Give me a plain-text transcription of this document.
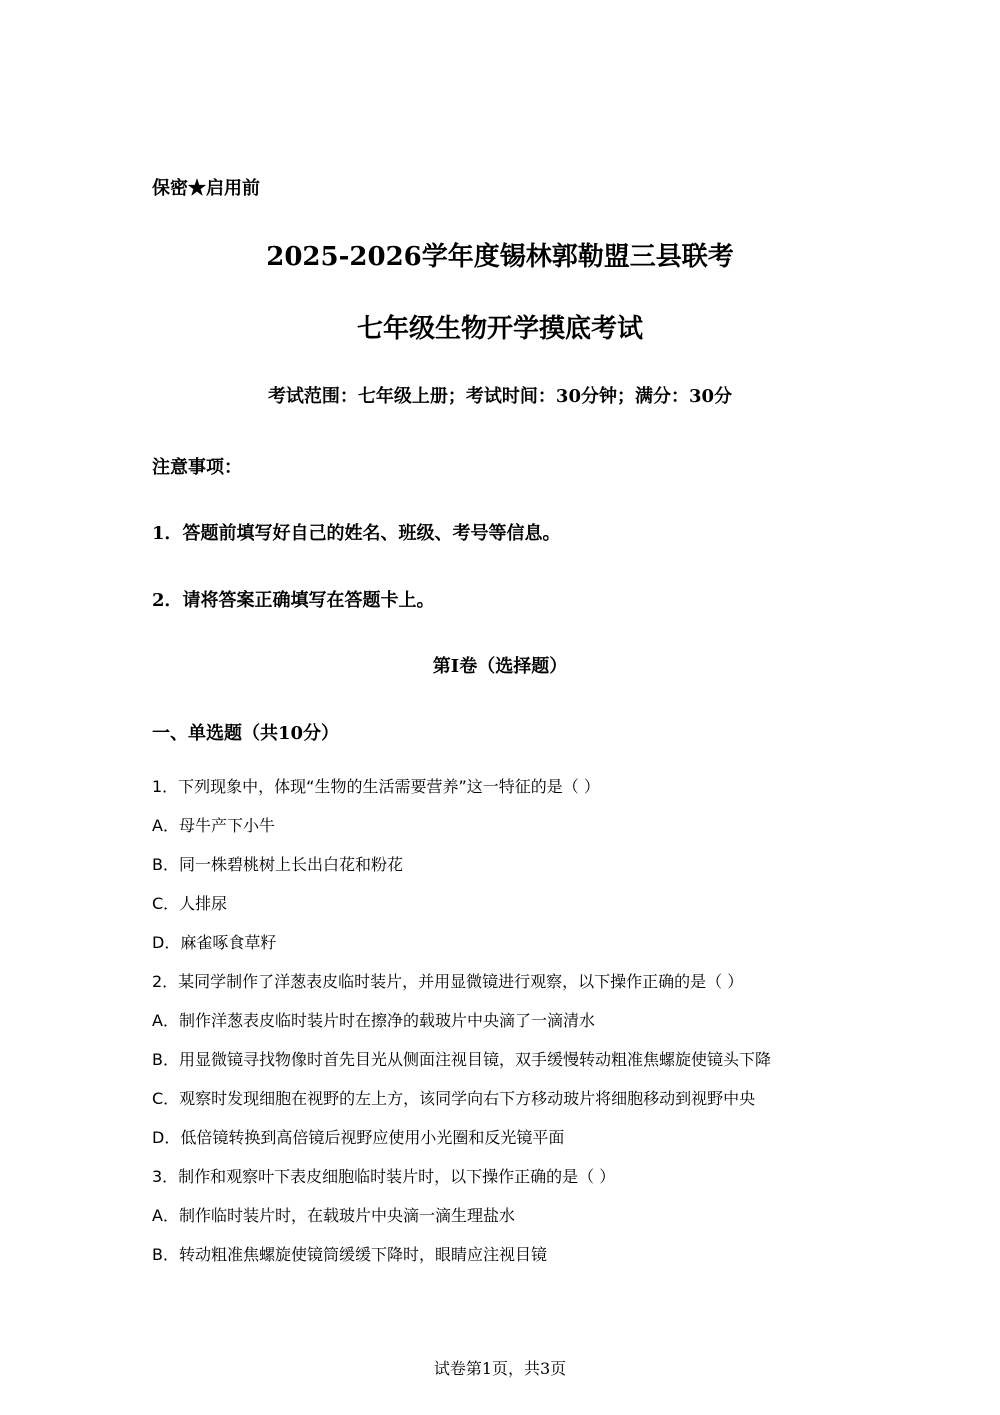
保密★启用前
2025-2026学年度锡林郭勒盟三县联考
七年级生物开学摸底考试
考试范围：七年级上册；考试时间：30分钟；满分：30分
注意事项：
1．答题前填写好自己的姓名、班级、考号等信息。
2．请将答案正确填写在答题卡上。
第I卷（选择题）
一、单选题（共10分）
1．下列现象中，体现“生物的生活需要营养”这一特征的是（ ）
A．母牛产下小牛
B．同一株碧桃树上长出白花和粉花
C．人排尿
D．麻雀啄食草籽
2．某同学制作了洋葱表皮临时装片，并用显微镜进行观察，以下操作正确的是（ ）
A．制作洋葱表皮临时装片时在擦净的载玻片中央滴了一滴清水
B．用显微镜寻找物像时首先目光从侧面注视目镜，双手缓慢转动粗准焦螺旋使镜头下降
C．观察时发现细胞在视野的左上方，该同学向右下方移动玻片将细胞移动到视野中央
D．低倍镜转换到高倍镜后视野应使用小光圈和反光镜平面
3．制作和观察叶下表皮细胞临时装片时，以下操作正确的是（ ）
A．制作临时装片时，在载玻片中央滴一滴生理盐水
B．转动粗准焦螺旋使镜筒缓缓下降时，眼睛应注视目镜
试卷第1页，共3页
